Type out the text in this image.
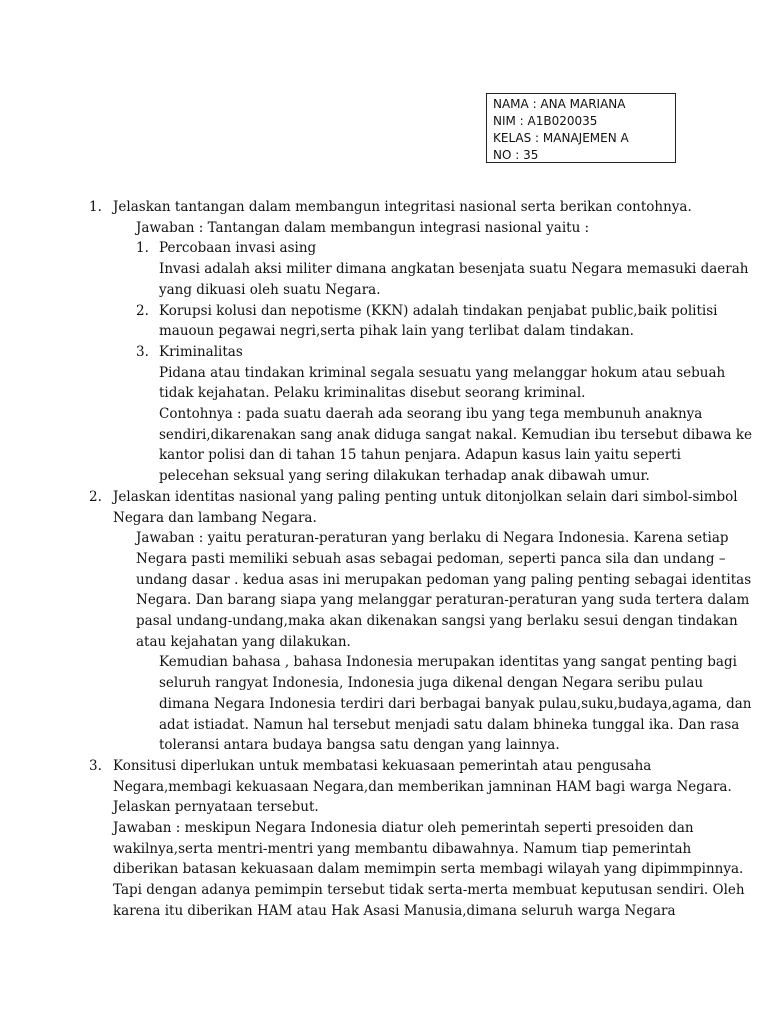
NAMA : ANA MARIANA
NIM : A1B020035
KELAS : MANAJEMEN A
NO : 35
1. Jelaskan tantangan dalam membangun integritasi nasional serta berikan contohnya.
Jawaban : Tantangan dalam membangun integrasi nasional yaitu :
1. Percobaan invasi asing
Invasi adalah aksi militer dimana angkatan besenjata suatu Negara memasuki daerah
yang dikuasi oleh suatu Negara.
2. Korupsi kolusi dan nepotisme (KKN) adalah tindakan penjabat public,baik politisi
mauoun pegawai negri,serta pihak lain yang terlibat dalam tindakan.
3. Kriminalitas
Pidana atau tindakan kriminal segala sesuatu yang melanggar hokum atau sebuah
tidak kejahatan. Pelaku kriminalitas disebut seorang kriminal.
Contohnya : pada suatu daerah ada seorang ibu yang tega membunuh anaknya
sendiri,dikarenakan sang anak diduga sangat nakal. Kemudian ibu tersebut dibawa ke
kantor polisi dan di tahan 15 tahun penjara. Adapun kasus lain yaitu seperti
pelecehan seksual yang sering dilakukan terhadap anak dibawah umur.
2. Jelaskan identitas nasional yang paling penting untuk ditonjolkan selain dari simbol-simbol
Negara dan lambang Negara.
Jawaban : yaitu peraturan-peraturan yang berlaku di Negara Indonesia. Karena setiap
Negara pasti memiliki sebuah asas sebagai pedoman, seperti panca sila dan undang –
undang dasar . kedua asas ini merupakan pedoman yang paling penting sebagai identitas
Negara. Dan barang siapa yang melanggar peraturan-peraturan yang suda tertera dalam
pasal undang-undang,maka akan dikenakan sangsi yang berlaku sesui dengan tindakan
atau kejahatan yang dilakukan.
Kemudian bahasa , bahasa Indonesia merupakan identitas yang sangat penting bagi
seluruh rangyat Indonesia, Indonesia juga dikenal dengan Negara seribu pulau
dimana Negara Indonesia terdiri dari berbagai banyak pulau,suku,budaya,agama, dan
adat istiadat. Namun hal tersebut menjadi satu dalam bhineka tunggal ika. Dan rasa
toleransi antara budaya bangsa satu dengan yang lainnya.
3. Konsitusi diperlukan untuk membatasi kekuasaan pemerintah atau pengusaha
Negara,membagi kekuasaan Negara,dan memberikan jamninan HAM bagi warga Negara.
Jelaskan pernyataan tersebut.
Jawaban : meskipun Negara Indonesia diatur oleh pemerintah seperti presoiden dan
wakilnya,serta mentri-mentri yang membantu dibawahnya. Namum tiap pemerintah
diberikan batasan kekuasaan dalam memimpin serta membagi wilayah yang dipimmpinnya.
Tapi dengan adanya pemimpin tersebut tidak serta-merta membuat keputusan sendiri. Oleh
karena itu diberikan HAM atau Hak Asasi Manusia,dimana seluruh warga Negara
